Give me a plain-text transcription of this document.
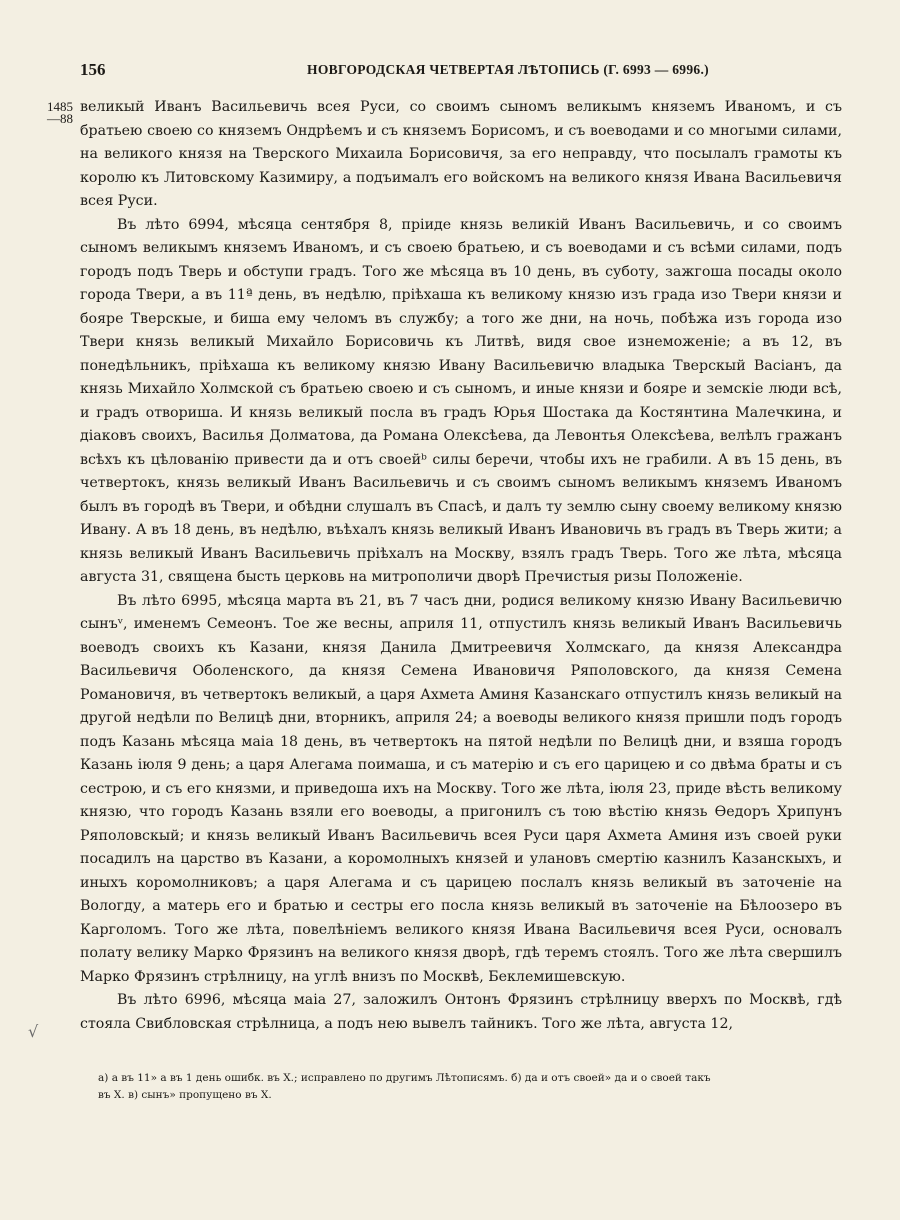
156	НОВГОРОДСКАЯ ЧЕТВЕРТАЯ ЛѢТОПИСЬ (Г. 6993 — 6996.)
1485
—88

великый Иванъ Васильевичь всея Руси, со своимъ сыномъ великымъ княземъ Иваномъ, и съ братьею своею со княземъ Ондрѣемъ и съ княземъ Борисомъ, и съ воеводами и со многыми силами, на великого князя на Тверского Михаила Борисовичя, за его неправду, что посылалъ грамоты къ королю къ Литовскому Казимиру, а подъималъ его войскомъ на великого князя Ивана Васильевичя всея Руси.

Въ лѣто 6994, мѣсяца сентября 8, пріиде князь великій Иванъ Васильевичь, и со своимъ сыномъ великымъ княземъ Иваномъ, и съ своею братьею, и съ воеводами и съ всѣми силами, подъ городъ подъ Тверь и обступи градъ. Того же мѣсяца въ 10 день, въ суботу, зажгоша посады около города Твери, а въ 11ª день, въ недѣлю, пріѣхаша къ великому князю изъ града изо Твери князи и бояре Тверскые, и биша ему челомъ въ службу; а того же дни, на ночь, побѣжа изъ города изо Твери князь великый Михайло Борисовичь къ Литвѣ, видя свое изнеможеніе; а въ 12, въ понедѣльникъ, пріѣхаша къ великому князю Ивану Васильевичю владыка Тверскый Васіанъ, да князь Михайло Холмской съ братьею своею и съ сыномъ, и иные князи и бояре и земскіе люди всѣ, и градъ отвориша. И князь великый посла въ градъ Юрья Шостака да Костянтина Малечкина, и діаковъ своихъ, Василья Долматова, да Романа Олексѣева, да Левонтья Олексѣева, велѣлъ гражанъ всѣхъ къ цѣлованію привести да и отъ своейᵇ силы беречи, чтобы ихъ не грабили. А въ 15 день, въ четвертокъ, князь великый Иванъ Васильевичь и съ своимъ сыномъ великымъ княземъ Иваномъ былъ въ городѣ въ Твери, и обѣдни слушалъ въ Спасѣ, и далъ ту землю сыну своему великому князю Ивану. А въ 18 день, въ недѣлю, въѣхалъ князь великый Иванъ Ивановичь въ градъ въ Тверь жити; а князь великый Иванъ Васильевичь пріѣхалъ на Москву, взялъ градъ Тверь. Того же лѣта, мѣсяца августа 31, священа бысть церковь на митрополичи дворѣ Пречистыя ризы Положеніе.

Въ лѣто 6995, мѣсяца марта въ 21, въ 7 часъ дни, родися великому князю Ивану Васильевичю сынъᵛ, именемъ Семеонъ. Тое же весны, априля 11, отпустилъ князь великый Иванъ Васильевичь воеводъ своихъ къ Казани, князя Данила Дмитреевичя Холмскаго, да князя Александра Васильевичя Оболенского, да князя Семена Ивановичя Ряполовского, да князя Семена Романовичя, въ четвертокъ великый, а царя Ахмета Аминя Казанскаго отпустилъ князь великый на другой недѣли по Велицѣ дни, вторникъ, априля 24; а воеводы великого князя пришли подъ городъ подъ Казань мѣсяца маіа 18 день, въ четвертокъ на пятой недѣли по Велицѣ дни, и взяша городъ Казань іюля 9 день; а царя Алегама поимаша, и съ матерію и съ его царицею и со двѣма браты и съ сестрою, и съ его князми, и приведоша ихъ на Москву. Того же лѣта, іюля 23, приде вѣсть великому князю, что городъ Казань взяли его воеводы, а пригонилъ съ тою вѣстію князь Өедоръ Хрипунъ Ряполовскый; и князь великый Иванъ Васильевичь всея Руси царя Ахмета Аминя изъ своей руки посадилъ на царство въ Казани, а коромолныхъ князей и улановъ смертію казнилъ Казанскыхъ, и иныхъ коромолниковъ; а царя Алегама и съ царицею послалъ князь великый въ заточеніе на Вологду, а матерь его и братью и сестры его посла князь великый въ заточеніе на Бѣлоозеро въ Карголомъ. Того же лѣта, повелѣніемъ великого князя Ивана Васильевичя всея Руси, основалъ полату велику Марко Фрязинъ на великого князя дворѣ, гдѣ теремъ стоялъ. Того же лѣта свершилъ Марко Фрязинъ стрѣлницу, на углѣ внизъ по Москвѣ, Беклемишевскую.

Въ лѣто 6996, мѣсяца маіа 27, заложилъ Онтонъ Фрязинъ стрѣлницу вверхъ по Москвѣ, гдѣ стояла Свибловская стрѣлница, а подъ нею вывелъ тайникъ. Того же лѣта, августа 12,

а) а въ 11» а въ 1 день ошибк. въ Х.; исправлено по другимъ Лѣтописямъ. б) да и отъ своей» да и о своей такъ

въ Х. в) сынъ» пропущено въ Х.

√
